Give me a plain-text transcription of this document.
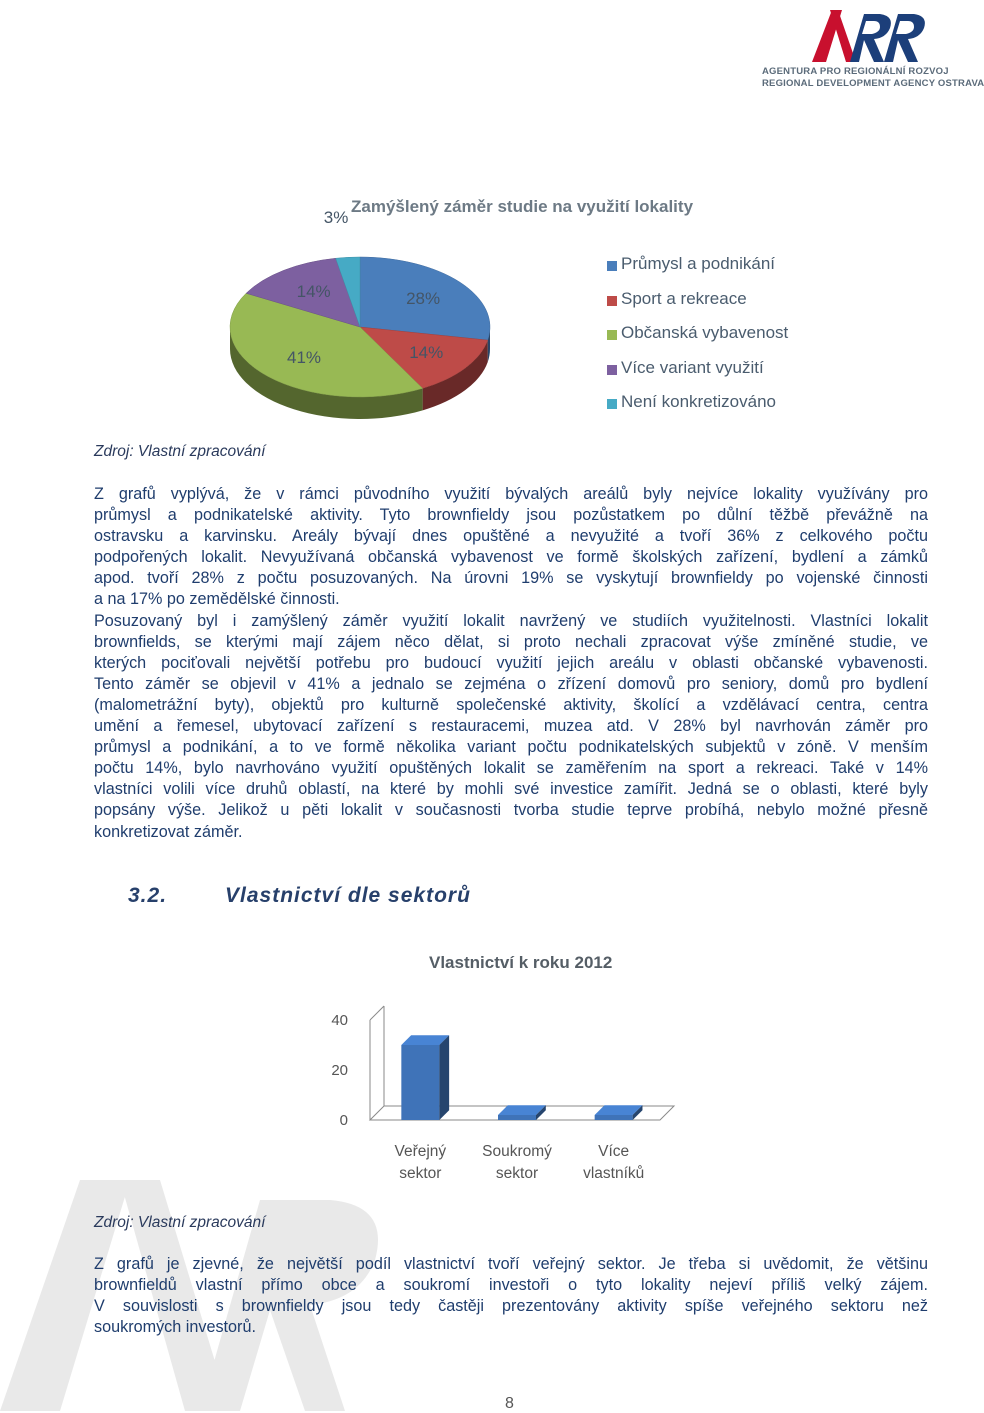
AGENTURA PRO REGIONÁLNÍ ROZVOJ
REGIONAL DEVELOPMENT AGENCY OSTRAVA
Zamýšlený záměr studie na využití lokality
28%
14%
41%
14%
3%
Průmysl a podnikání
Sport a rekreace
Občanská vybavenost
Více variant využití
Není konkretizováno
Zdroj: Vlastní zpracování
Z grafů vyplývá, že v rámci původního využití bývalých areálů byly nejvíce lokality využívány pro
průmysl a podnikatelské aktivity. Tyto brownfieldy jsou pozůstatkem po důlní těžbě převážně na
ostravsku a karvinsku. Areály bývají dnes opuštěné a nevyužité a tvoří 36% z celkového počtu
podpořených lokalit. Nevyužívaná občanská vybavenost ve formě školských zařízení, bydlení a zámků
apod. tvoří 28% z počtu posuzovaných. Na úrovni 19% se vyskytují brownfieldy po vojenské činnosti
a na 17% po zemědělské činnosti.
Posuzovaný byl i zamýšlený záměr využití lokalit navržený ve studiích využitelnosti. Vlastníci lokalit
brownfields, se kterými mají zájem něco dělat, si proto nechali zpracovat výše zmíněné studie, ve
kterých pociťovali největší potřebu pro budoucí využití jejich areálu v oblasti občanské vybavenosti.
Tento záměr se objevil v 41% a jednalo se zejména o zřízení domovů pro seniory, domů pro bydlení
(malometrážní byty), objektů pro kulturně společenské aktivity, školící a vzdělávací centra, centra
umění a řemesel, ubytovací zařízení s restauracemi, muzea atd. V 28% byl navrhován záměr pro
průmysl a podnikání, a to ve formě několika variant počtu podnikatelských subjektů v zóně. V menším
počtu 14%, bylo navrhováno využití opuštěných lokalit se zaměřením na sport a rekreaci. Také v 14%
vlastníci volili více druhů oblastí, na které by mohli své investice zamířit. Jedná se o oblasti, které byly
popsány výše. Jelikož u pěti lokalit v současnosti tvorba studie teprve probíhá, nebylo možné přesně
konkretizovat záměr.
3.2.	Vlastnictví dle sektorů
Vlastnictví k roku 2012
0
20
40
Veřejný
sektor
Soukromý
sektor
Více
vlastníků
Zdroj: Vlastní zpracování
Z grafů je zjevné, že největší podíl vlastnictví tvoří veřejný sektor. Je třeba si uvědomit, že většinu
brownfieldů vlastní přímo obce a soukromí investoři o tyto lokality nejeví příliš velký zájem.
V souvislosti s brownfieldy jsou tedy častěji prezentovány aktivity spíše veřejného sektoru než
soukromých investorů.
8
